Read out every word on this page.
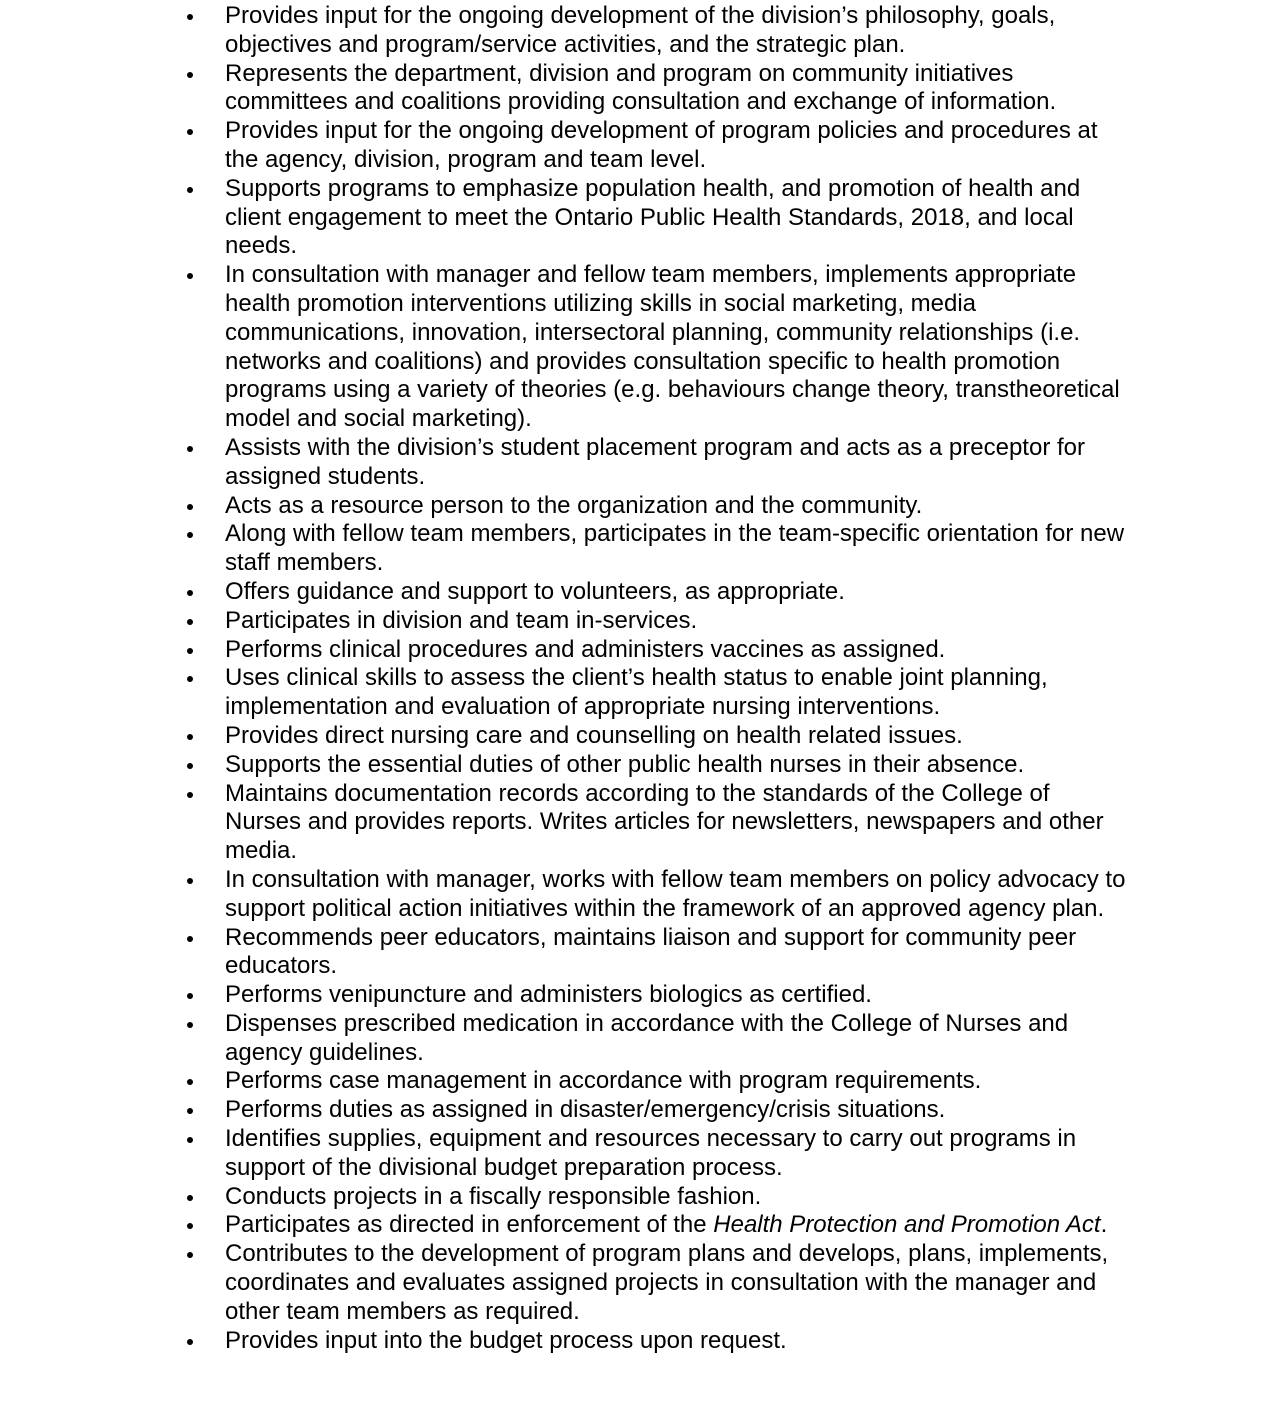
Provides input for the ongoing development of the division’s philosophy, goals, objectives and program/service activities, and the strategic plan.
Represents the department, division and program on community initiatives committees and coalitions providing consultation and exchange of information.
Provides input for the ongoing development of program policies and procedures at the agency, division, program and team level.
Supports programs to emphasize population health, and promotion of health and client engagement to meet the Ontario Public Health Standards, 2018, and local needs.
In consultation with manager and fellow team members, implements appropriate health promotion interventions utilizing skills in social marketing, media communications, innovation, intersectoral planning, community relationships (i.e. networks and coalitions) and provides consultation specific to health promotion programs using a variety of theories (e.g. behaviours change theory, transtheoretical model and social marketing).
Assists with the division’s student placement program and acts as a preceptor for assigned students.
Acts as a resource person to the organization and the community.
Along with fellow team members, participates in the team-specific orientation for new staff members.
Offers guidance and support to volunteers, as appropriate.
Participates in division and team in-services.
Performs clinical procedures and administers vaccines as assigned.
Uses clinical skills to assess the client’s health status to enable joint planning, implementation and evaluation of appropriate nursing interventions.
Provides direct nursing care and counselling on health related issues.
Supports the essential duties of other public health nurses in their absence.
Maintains documentation records according to the standards of the College of Nurses and provides reports. Writes articles for newsletters, newspapers and other media.
In consultation with manager, works with fellow team members on policy advocacy to support political action initiatives within the framework of an approved agency plan.
Recommends peer educators, maintains liaison and support for community peer educators.
Performs venipuncture and administers biologics as certified.
Dispenses prescribed medication in accordance with the College of Nurses and agency guidelines.
Performs case management in accordance with program requirements.
Performs duties as assigned in disaster/emergency/crisis situations.
Identifies supplies, equipment and resources necessary to carry out programs in support of the divisional budget preparation process.
Conducts projects in a fiscally responsible fashion.
Participates as directed in enforcement of the Health Protection and Promotion Act.
Contributes to the development of program plans and develops, plans, implements, coordinates and evaluates assigned projects in consultation with the manager and other team members as required.
Provides input into the budget process upon request.
